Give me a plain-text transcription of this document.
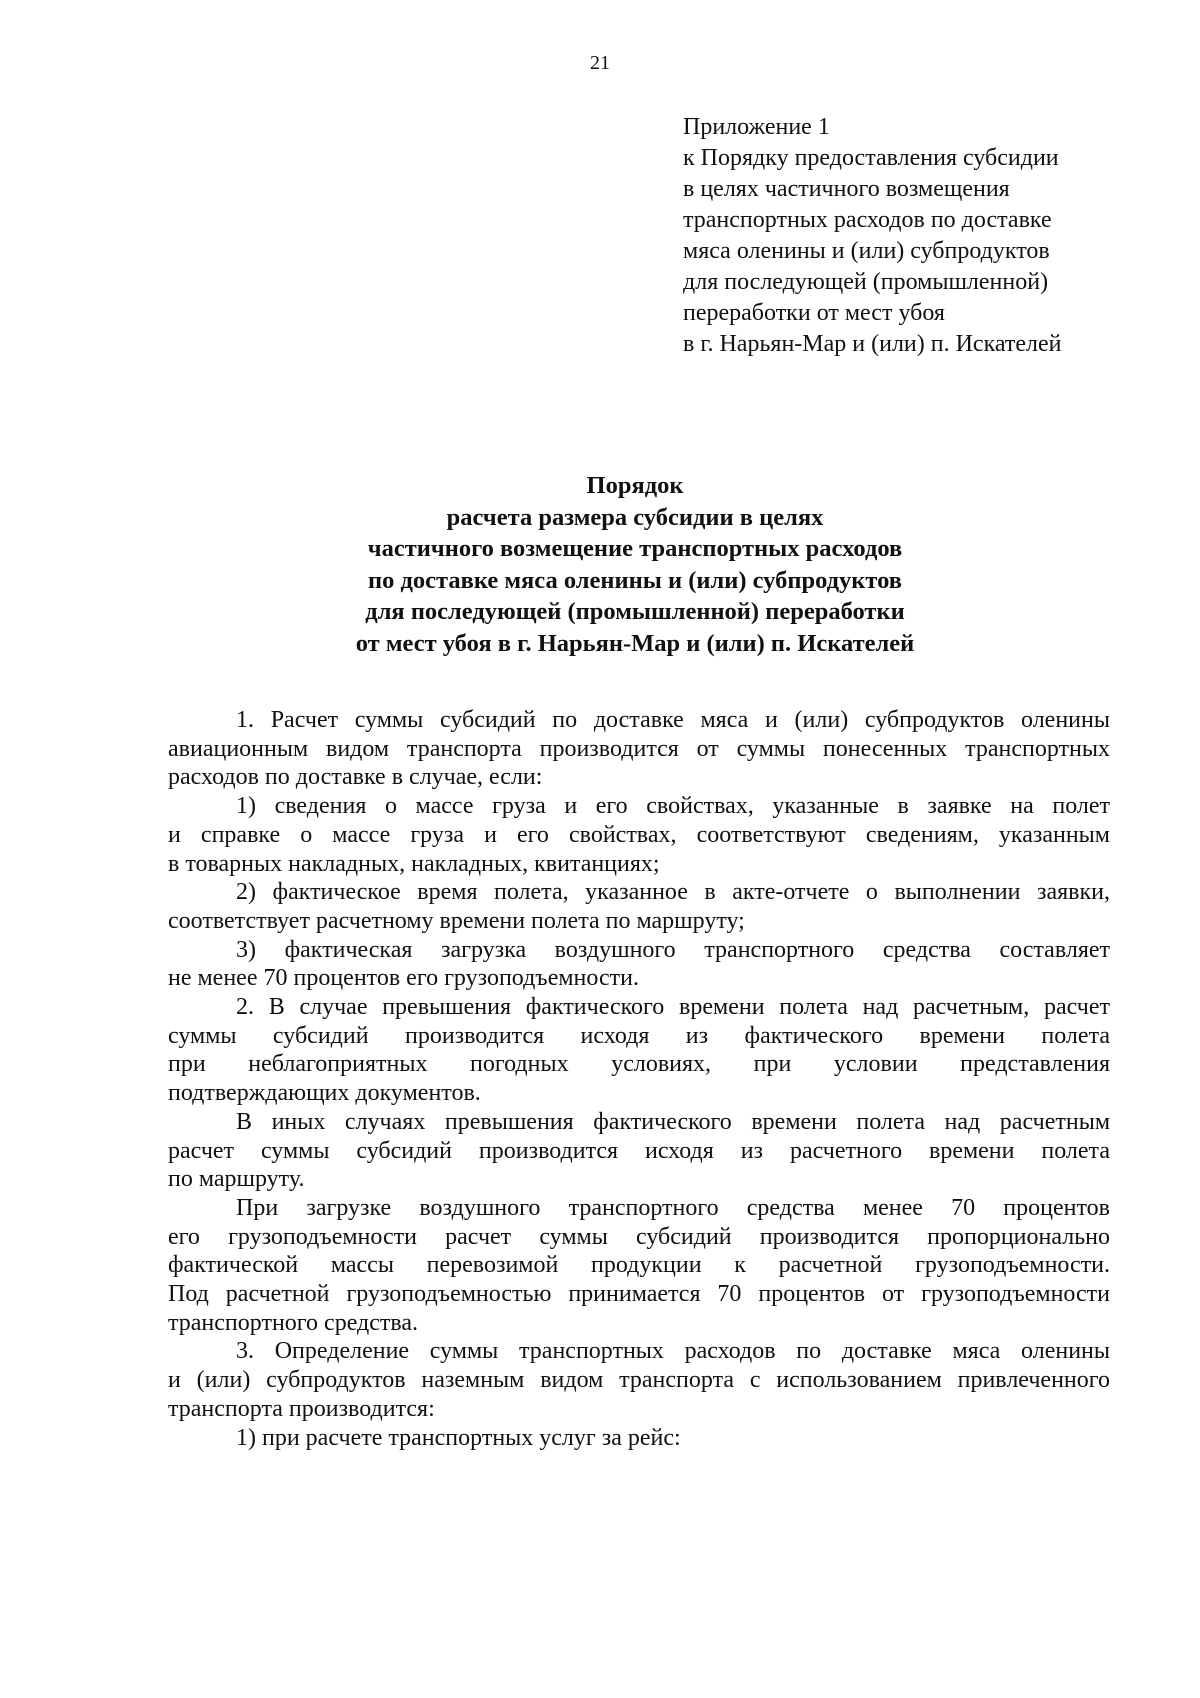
21
Приложение 1
к Порядку предоставления субсидии
в целях частичного возмещения
транспортных расходов по доставке
мяса оленины и (или) субпродуктов
для последующей (промышленной)
переработки от мест убоя
в г. Нарьян-Мар и (или) п. Искателей
Порядок
расчета размера субсидии в целях
частичного возмещение транспортных расходов
по доставке мяса оленины и (или) субпродуктов
для последующей (промышленной) переработки
от мест убоя в г. Нарьян-Мар и (или) п. Искателей

1. Расчет суммы субсидий по доставке мяса и (или) субпродуктов оленины

авиационным видом транспорта производится от суммы понесенных транспортных

расходов по доставке в случае, если:

1) сведения о массе груза и его свойствах, указанные в заявке на полет

и справке о массе груза и его свойствах, соответствуют сведениям, указанным

в товарных накладных, накладных, квитанциях;

2) фактическое время полета, указанное в акте-отчете о выполнении заявки,

соответствует расчетному времени полета по маршруту;

3) фактическая загрузка воздушного транспортного средства составляет

не менее 70 процентов его грузоподъемности.

2. В случае превышения фактического времени полета над расчетным, расчет

суммы субсидий производится исходя из фактического времени полета

при неблагоприятных погодных условиях, при условии представления

подтверждающих документов.

В иных случаях превышения фактического времени полета над расчетным

расчет суммы субсидий производится исходя из расчетного времени полета

по маршруту.

При загрузке воздушного транспортного средства менее 70 процентов

его грузоподъемности расчет суммы субсидий производится пропорционально

фактической массы перевозимой продукции к расчетной грузоподъемности.

Под расчетной грузоподъемностью принимается 70 процентов от грузоподъемности

транспортного средства.

3. Определение суммы транспортных расходов по доставке мяса оленины

и (или) субпродуктов наземным видом транспорта с использованием привлеченного

транспорта производится:

1) при расчете транспортных услуг за рейс:
